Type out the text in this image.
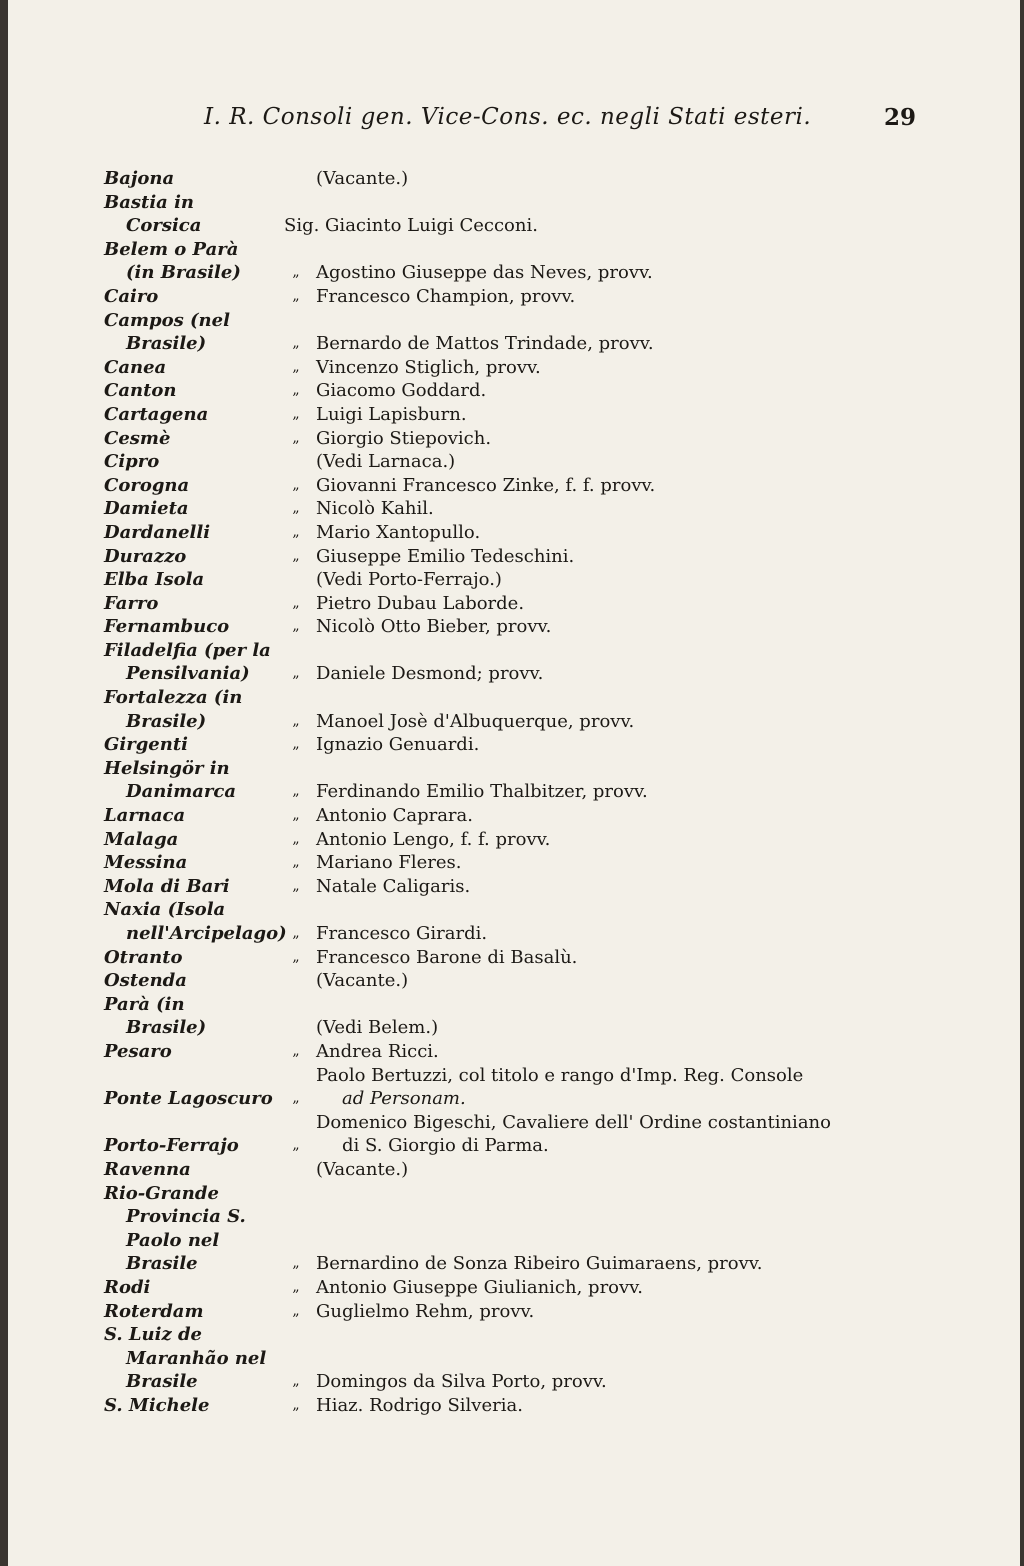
I. R. Consoli gen. Vice-Cons. ec. negli Stati esteri.	29
Bajona	(Vacante.)
Bastia in
Corsica	Sig. Giacinto Luigi Cecconi.
Belem o Parà
(in Brasile)	„ Agostino Giuseppe das Neves, provv.
Cairo	„ Francesco Champion, provv.
Campos (nel
Brasile)	„ Bernardo de Mattos Trindade, provv.
Canea	„ Vincenzo Stiglich, provv.
Canton	„ Giacomo Goddard.
Cartagena	„ Luigi Lapisburn.
Cesmè	„ Giorgio Stiepovich.
Cipro	(Vedi Larnaca.)
Corogna	„ Giovanni Francesco Zinke, f. f. provv.
Damieta	„ Nicolò Kahil.
Dardanelli	„ Mario Xantopullo.
Durazzo	„ Giuseppe Emilio Tedeschini.
Elba Isola	(Vedi Porto-Ferrajo.)
Farro	„ Pietro Dubau Laborde.
Fernambuco	„ Nicolò Otto Bieber, provv.
Filadelfia (per la
Pensilvania)	„ Daniele Desmond; provv.
Fortalezza (in
Brasile)	„ Manoel Josè d'Albuquerque, provv.
Girgenti	„ Ignazio Genuardi.
Helsingör in
Danimarca	„ Ferdinando Emilio Thalbitzer, provv.
Larnaca	„ Antonio Caprara.
Malaga	„ Antonio Lengo, f. f. provv.
Messina	„ Mariano Fleres.
Mola di Bari	„ Natale Caligaris.
Naxia (Isola
nell'Arcipelago) „ Francesco Girardi.
Otranto	„ Francesco Barone di Basalù.
Ostenda	(Vacante.)
Parà (in
Brasile)	(Vedi Belem.)
Pesaro	„ Andrea Ricci.
Ponte Lagoscuro	„
Paolo Bertuzzi, col titolo e rango d'Imp. Reg. Console
ad Personam.
Porto-Ferrajo	„
Domenico Bigeschi, Cavaliere dell' Ordine costantiniano
di S. Giorgio di Parma.
Ravenna	(Vacante.)
Rio-Grande
Provincia S.
Paolo nel
Brasile	„ Bernardino de Sonza Ribeiro Guimaraens, provv.
Rodi	„ Antonio Giuseppe Giulianich, provv.
Roterdam	„ Guglielmo Rehm, provv.
S. Luiz de
Maranhão nel
Brasile	„ Domingos da Silva Porto, provv.
S. Michele	„ Hiaz. Rodrigo Silveria.
